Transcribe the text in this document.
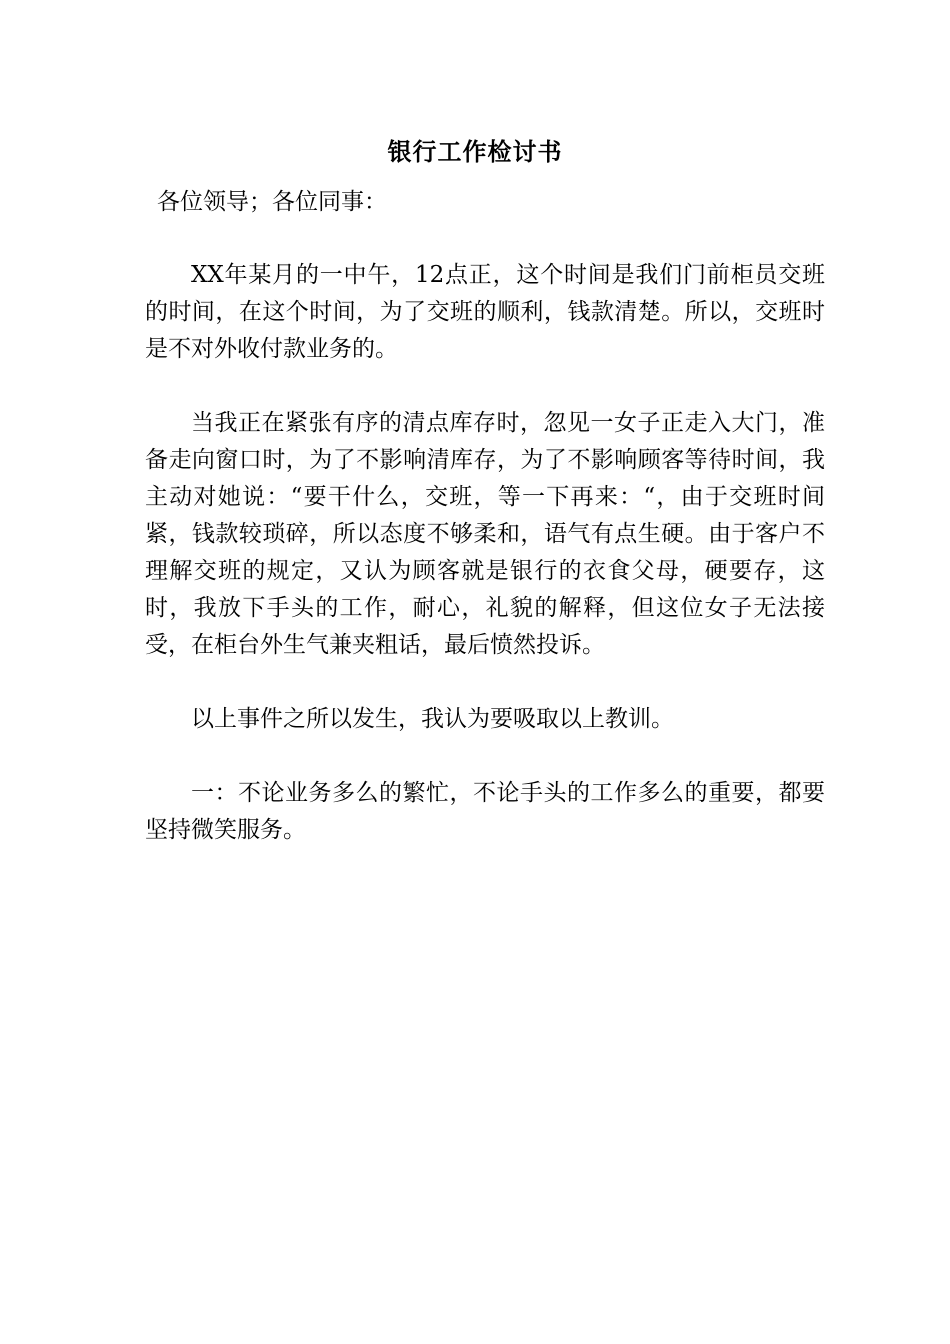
银行工作检讨书
各位领导；各位同事：

XX年某月的一中午，12点正，这个时间是我们门前柜员交班的时间，在这个时间，为了交班的顺利，钱款清楚。所以，交班时是不对外收付款业务的。

当我正在紧张有序的清点库存时，忽见一女子正走入大门，准备走向窗口时，为了不影响清库存，为了不影响顾客等待时间，我主动对她说：“要干什么，交班，等一下再来：“，由于交班时间紧，钱款较琐碎，所以态度不够柔和，语气有点生硬。由于客户不理解交班的规定，又认为顾客就是银行的衣食父母，硬要存，这时，我放下手头的工作，耐心，礼貌的解释，但这位女子无法接受，在柜台外生气兼夹粗话，最后愤然投诉。

以上事件之所以发生，我认为要吸取以上教训。

一：不论业务多么的繁忙，不论手头的工作多么的重要，都要坚持微笑服务。
